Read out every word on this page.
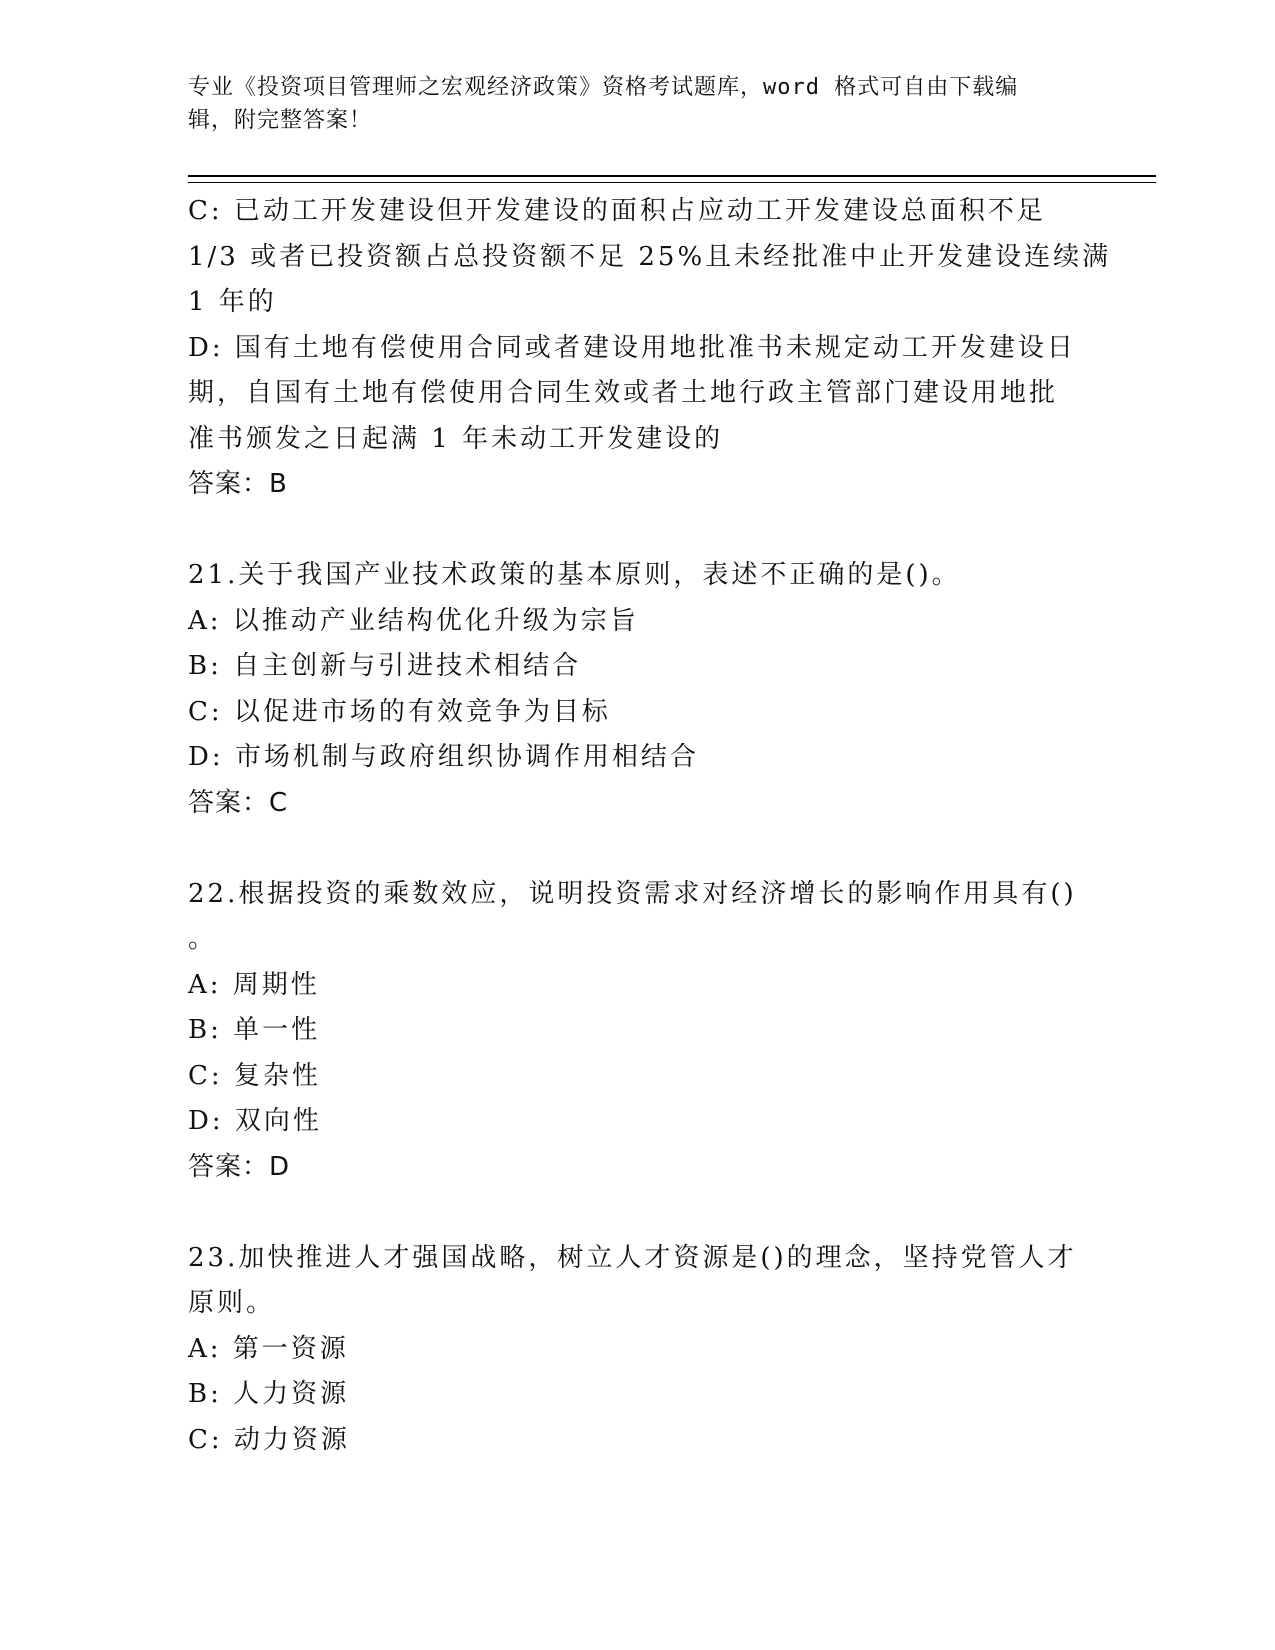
专业《投资项目管理师之宏观经济政策》资格考试题库，word 格式可自由下载编
辑，附完整答案！
C: 已动工开发建设但开发建设的面积占应动工开发建设总面积不足
1/3 或者已投资额占总投资额不足 25%且未经批准中止开发建设连续满
1 年的
D: 国有土地有偿使用合同或者建设用地批准书未规定动工开发建设日
期，自国有土地有偿使用合同生效或者土地行政主管部门建设用地批
准书颁发之日起满 1 年未动工开发建设的
答案：B
21.关于我国产业技术政策的基本原则，表述不正确的是()。
A: 以推动产业结构优化升级为宗旨
B: 自主创新与引进技术相结合
C: 以促进市场的有效竞争为目标
D: 市场机制与政府组织协调作用相结合
答案：C
22.根据投资的乘数效应，说明投资需求对经济增长的影响作用具有()
。
A: 周期性
B: 单一性
C: 复杂性
D: 双向性
答案：D
23.加快推进人才强国战略，树立人才资源是()的理念，坚持党管人才
原则。
A: 第一资源
B: 人力资源
C: 动力资源
